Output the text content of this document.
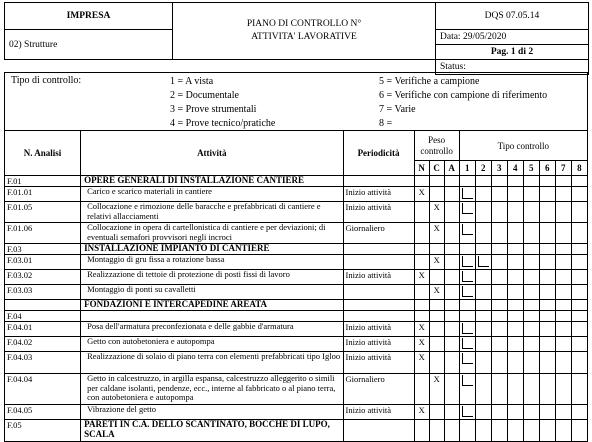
IMPRESA	PIANO DI CONTROLLO N°
ATTIVITA' LAVORATIVE	DQS 07.05.14
02) Strutture		Data: 29/05/2020
		Pag. 1 di 2
		Status:
Tipo di controllo:	1 = A vista
2 = Documentale
3 = Prove strumentali
4 = Prove tecnico/pratiche
5 = Verifiche a campione
6 = Verifiche con campione di riferimento
7 = Varie
8 =
N. Analisi	Attività	Periodicità	Peso controllo			Tipo controllo							
			N	C	A	1	2	3	4	5	6	7	8
F.01	OPERE GENERALI DI INSTALLAZIONE CANTIERE												
F.01.01	Carico e scarico materiali in cantiere	Inizio attività	X										
F.01.05	Collocazione e rimozione delle baracche e prefabbricati di cantiere e relativi allacciamenti	Inizio attività		X									
F.01.06	Collocazione in opera di cartellonistica di cantiere e per deviazioni; di eventuali semafori provvisori negli incroci	Giornaliero		X									
F.03	INSTALLAZIONE IMPIANTO DI CANTIERE												
F.03.01	Montaggio di gru fissa a rotazione bassa			X									
F.03.02	Realizzazione di tettoie di protezione di posti fissi di lavoro	Inizio attività	X										
F.03.03	Montaggio di ponti su cavalletti			X									
	FONDAZIONI E INTERCAPEDINE AREATA												
F.04													
F.04.01	Posa dell'armatura preconfezionata e delle gabbie d'armatura	Inizio attività	X										
F.04.02	Getto con autobetoniera e autopompa	Inizio attività	X										
F.04.03	Realizzazione di solaio di piano terra con elementi prefabbricati tipo Igloo	Inizio attività	X										
F.04.04	Getto in calcestruzzo, in argilla espansa, calcestruzzo alleggerito o simili per caldane isolanti, pendenze, ecc., interne al fabbricato o al piano terra, con autobetoniera e autopompa	Giornaliero		X									
F.04.05	Vibrazione del getto	Inizio attività	X										
F.05	PARETI IN C.A. DELLO SCANTINATO, BOCCHE DI LUPO, SCALA												
